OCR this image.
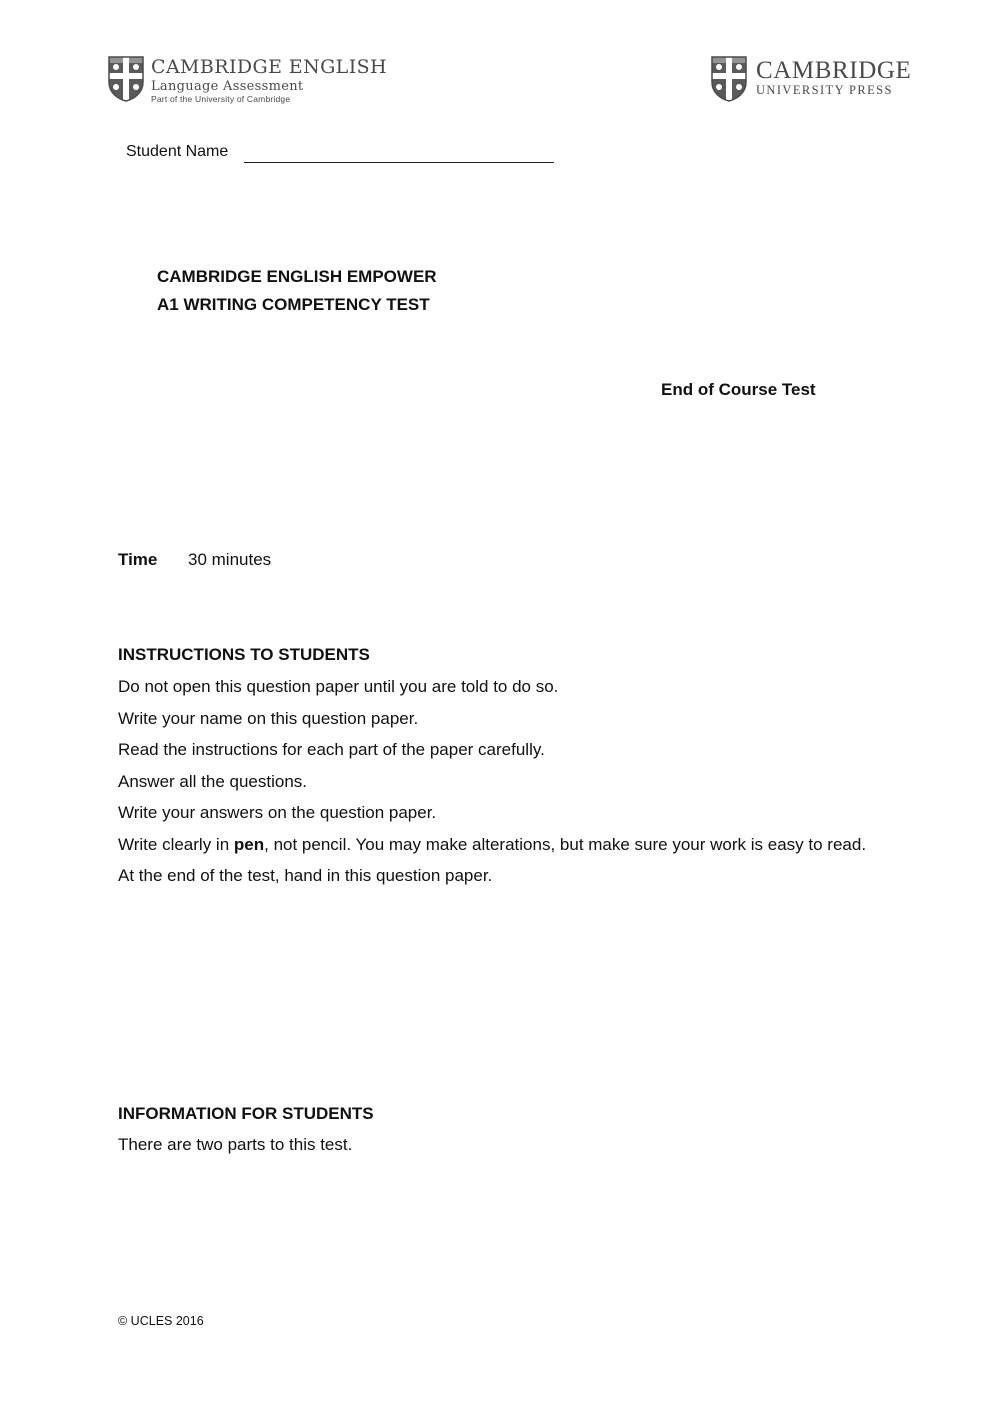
CAMBRIDGE ENGLISH
Language Assessment
Part of the University of Cambridge
CAMBRIDGE
UNIVERSITY PRESS
Student Name
CAMBRIDGE ENGLISH EMPOWER
A1 WRITING COMPETENCY TEST
End of Course Test
Time 30 minutes
INSTRUCTIONS TO STUDENTS
Do not open this question paper until you are told to do so.
Write your name on this question paper.
Read the instructions for each part of the paper carefully.
Answer all the questions.
Write your answers on the question paper.
Write clearly in pen, not pencil. You may make alterations, but make sure your work is easy to read.
At the end of the test, hand in this question paper.
INFORMATION FOR STUDENTS
There are two parts to this test.
© UCLES 2016
